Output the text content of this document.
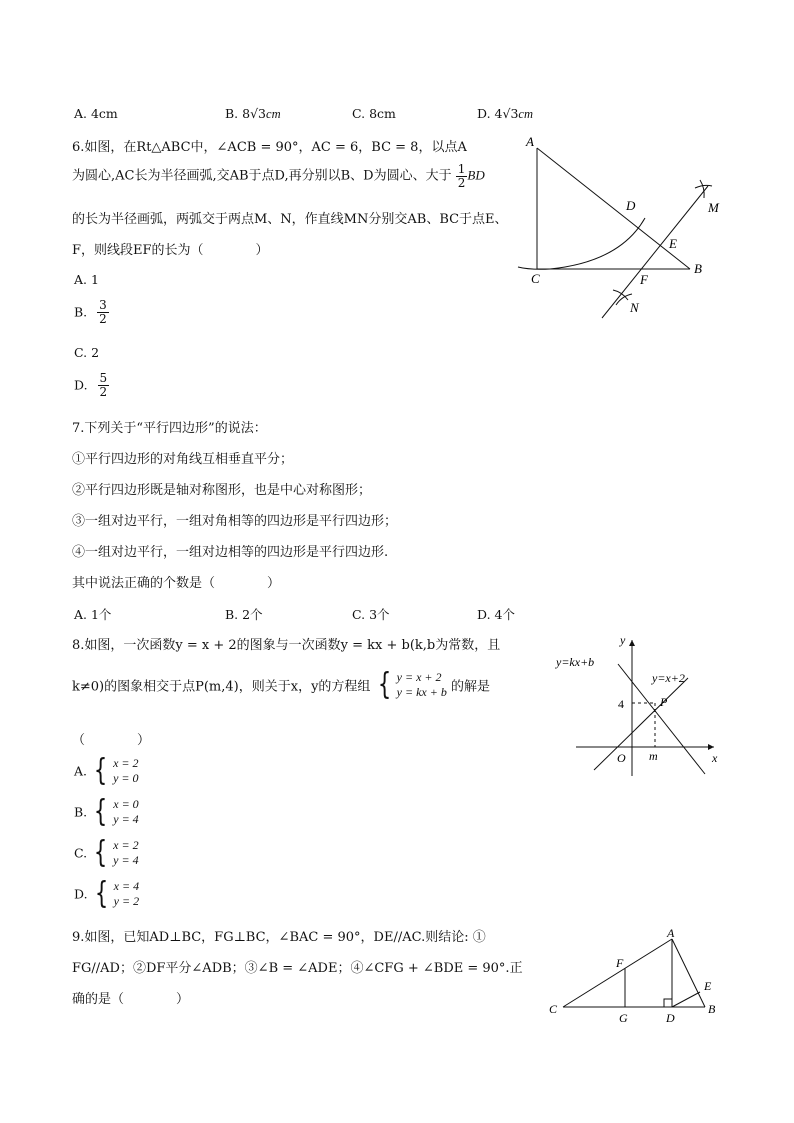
A. 4cm	B. 8√3cm	C. 8cm	D. 4√3cm
6.如图，在Rt△ABC中，∠ACB = 90°，AC = 6，BC = 8，以点A
为圆心,AC长为半径画弧,交AB于点D,再分别以B、D为圆心、大于 $\frac{1}{2}$ BD
的长为半径画弧，两弧交于两点M、N，作直线MN分别交AB、BC于点E、
F，则线段EF的长为（　　　　）
A. 1
B. $\frac{3}{2}$
C. 2
D. $\frac{5}{2}$
A
D	M
E
C	F
B
N
7.下列关于“平行四边形”的说法：
①平行四边形的对角线互相垂直平分；
②平行四边形既是轴对称图形，也是中心对称图形；
③一组对边平行，一组对角相等的四边形是平行四边形；
④一组对边平行，一组对边相等的四边形是平行四边形.
其中说法正确的个数是（　　　　）
A. 1个	B. 2个	C. 3个	D. 4个
8.如图，一次函数y = x + 2的图象与一次函数y = kx + b(k,b为常数，且
k≠0)的图象相交于点P(m,4)，则关于x，y的方程组 { y = x + 2
y = kx + b 的解是
（　　　　）
A. { x = 2
y = 0
B. { x = 0
y = 4
C. { x = 2
y = 4
D. { x = 4
y = 2
y
y=kx+b
y=x+2
4	P
O m	x
9.如图，已知AD⊥BC，FG⊥BC，∠BAC = 90°，DE//AC.则结论: ①
FG//AD；②DF平分∠ADB；③∠B = ∠ADE；④∠CFG + ∠BDE = 90°.正
确的是（　　　　）
A
F
E
C
G	D
B
